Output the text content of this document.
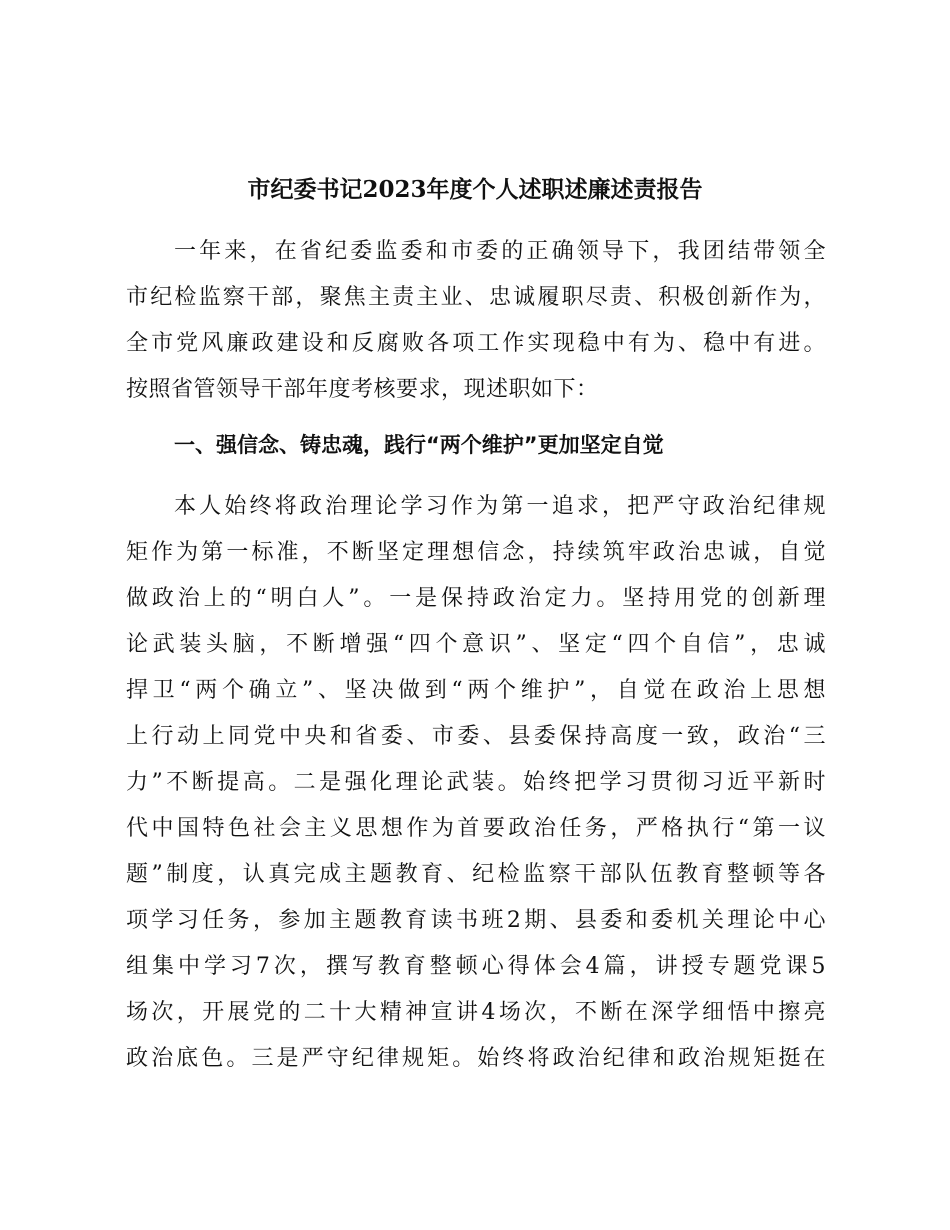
市纪委书记2023年度个人述职述廉述责报告
一年来，在省纪委监委和市委的正确领导下，我团结带领全
市纪检监察干部，聚焦主责主业、忠诚履职尽责、积极创新作为，
全市党风廉政建设和反腐败各项工作实现稳中有为、稳中有进。
按照省管领导干部年度考核要求，现述职如下：
一、强信念、铸忠魂，践行“两个维护”更加坚定自觉
本人始终将政治理论学习作为第一追求，把严守政治纪律规
矩作为第一标准，不断坚定理想信念，持续筑牢政治忠诚，自觉
做政治上的“明白人”。一是保持政治定力。坚持用党的创新理
论武装头脑，不断增强“四个意识”、坚定“四个自信”，忠诚
捍卫“两个确立”、坚决做到“两个维护”，自觉在政治上思想
上行动上同党中央和省委、市委、县委保持高度一致，政治“三
力”不断提高。二是强化理论武装。始终把学习贯彻习近平新时
代中国特色社会主义思想作为首要政治任务，严格执行“第一议
题”制度，认真完成主题教育、纪检监察干部队伍教育整顿等各
项学习任务，参加主题教育读书班2期、县委和委机关理论中心
组集中学习7次，撰写教育整顿心得体会4篇，讲授专题党课5
场次，开展党的二十大精神宣讲4场次，不断在深学细悟中擦亮
政治底色。三是严守纪律规矩。始终将政治纪律和政治规矩挺在
